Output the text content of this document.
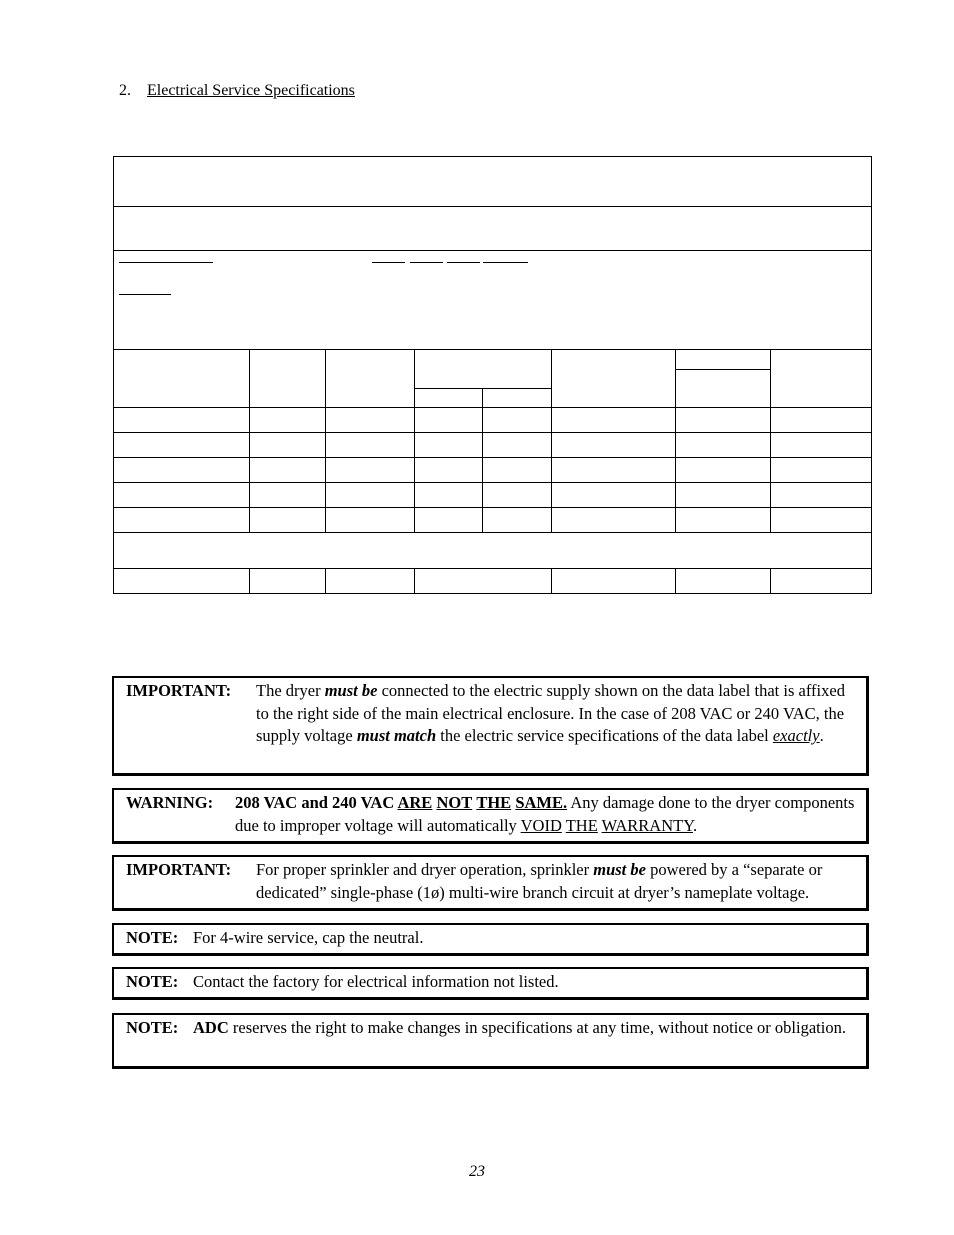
2. Electrical Service Specifications
IMPORTANT:	The dryer must be connected to the electric supply shown on the data label that is affixed to the right side of the main electrical enclosure. In the case of 208 VAC or 240 VAC, the supply voltage must match the electric service specifications of the data label exactly.
WARNING:	208 VAC and 240 VAC ARE NOT THE SAME. Any damage done to the dryer components due to improper voltage will automatically VOID THE WARRANTY.
IMPORTANT:	For proper sprinkler and dryer operation, sprinkler must be powered by a “separate or dedicated” single-phase (1ø) multi-wire branch circuit at dryer’s nameplate voltage.
NOTE: For 4-wire service, cap the neutral.
NOTE: Contact the factory for electrical information not listed.
NOTE: ADC reserves the right to make changes in specifications at any time, without notice or obligation.
23
